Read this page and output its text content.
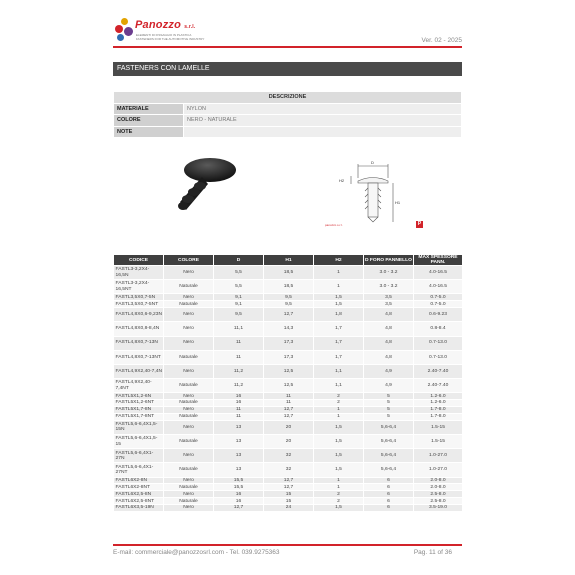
Panozzo s.r.l.
ELEMENTI DI FISSAGGIO IN PLASTICA
FASTENERS FOR THE AUTOMOTIVE INDUSTRY	Ver. 02 - 2025
FASTENERS CON LAMELLE
DESCRIZIONE	
MATERIALE	NYLON
COLORE	NERO - NATURALE
NOTE	
D
H2
H1
panozzo s.r.l.	P
CODICE	COLORE	D	H1	H2	D FORO PANNELLO	MAX SPESSORE PANN.
FASTL3-3,2X4-16,5N	Nero	5,5	18,5	1	3.0 - 3.2	4.0-16.5
FASTL3-3,2X4-16,5NT	Naturale	5,5	18,5	1	3.0 - 3.2	4.0-16.5
FASTL3,5X0,7-5N	Nero	9,1	9,5	1,5	3,5	0.7-5.0
FASTL3,5X0,7-5NT	Naturale	9,1	9,5	1,5	3,5	0.7-5.0
FASTL4,8X0,6-9,23N	Nero	9,5	12,7	1,8	4,8	0.6-9.23
FASTL4,8X0,8-8,4N	Nero	11,1	14,3	1,7	4,8	0.8-8.4
FASTL4,8X0,7-13N	Nero	11	17,3	1,7	4,8	0.7-13.0
FASTL4,8X0,7-13NT	Naturale	11	17,3	1,7	4,8	0.7-13.0
FASTL4,9X2,40-7,4N	Nero	11,2	12,5	1,1	4,9	2.40-7.40
FASTL4,9X2,40-7,4NT	Naturale	11,2	12,5	1,1	4,9	2.40-7.40
FASTL5X1,2-6N	Nero	16	11	2	5	1.2-6.0
FASTL5X1,2-6NT	Naturale	16	11	2	5	1.2-6.0
FASTL5X1,7-8N	Nero	11	12,7	1	5	1.7-8.0
FASTL5X1,7-8NT	Naturale	11	12,7	1	5	1.7-8.0
FASTL5,6-6,4X1,5-15N	Nero	13	20	1,5	5,6-6,4	1.5-15
FASTL5,6-6,4X1,5-15	Naturale	13	20	1,5	5,6-6,4	1.5-15
FASTL5,6-6,4X1-27N	Nero	13	32	1,5	5,6-6,4	1.0-27.0
FASTL5,6-6,4X1-27NT	Naturale	13	32	1,5	5,6-6,4	1.0-27.0
FASTL6X2-8N	Nero	15,5	12,7	1	6	2.0-8.0
FASTL6X2-8NT	Naturale	15,5	12,7	1	6	2.0-8.0
FASTL6X2,5-8N	Nero	16	15	2	6	2.5-8.0
FASTL6X2,5-8NT	Naturale	16	15	2	6	2.5-8.0
FASTL6X3,5-19N	Nero	12,7	24	1,5	6	3.5-19.0
E-mail: commerciale@panozzosrl.com - Tel. 039.9275363	Pag. 11 of 36
